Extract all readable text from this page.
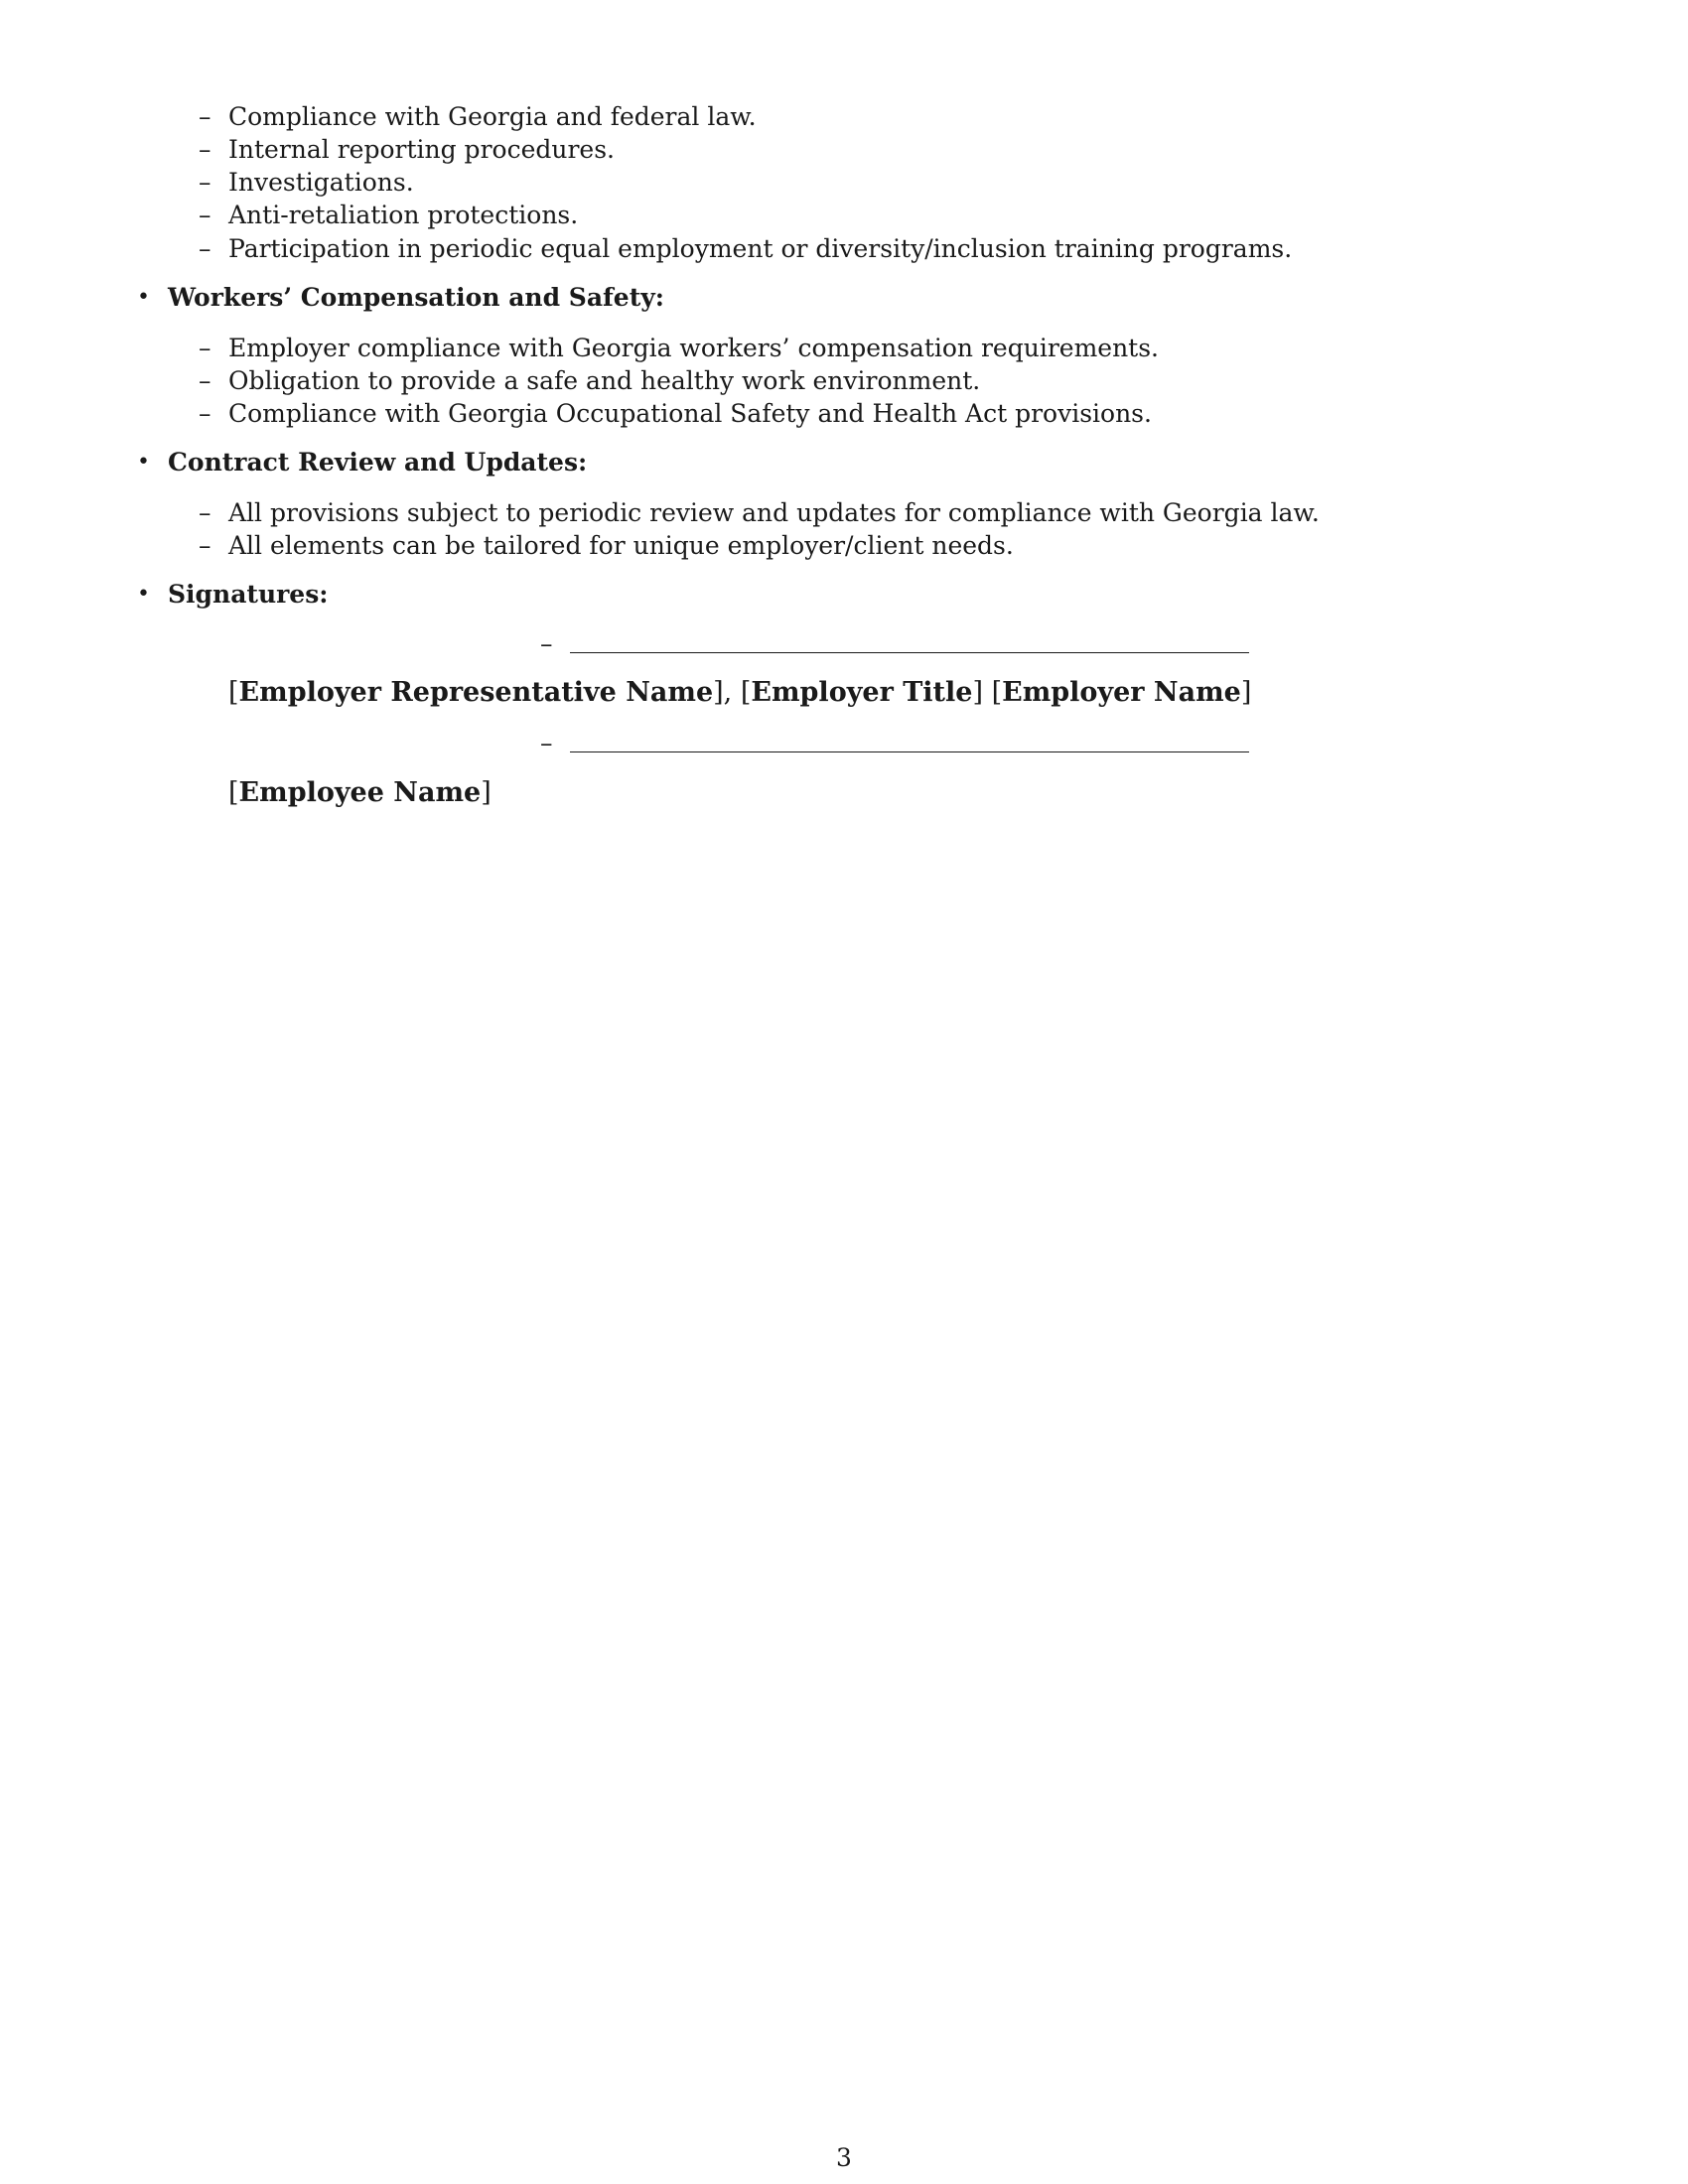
– Compliance with Georgia and federal law.
– Internal reporting procedures.
– Investigations.
– Anti-retaliation protections.
– Participation in periodic equal employment or diversity/inclusion training programs.
• Workers’ Compensation and Safety:
– Employer compliance with Georgia workers’ compensation requirements.
– Obligation to provide a safe and healthy work environment.
– Compliance with Georgia Occupational Safety and Health Act provisions.
• Contract Review and Updates:
– All provisions subject to periodic review and updates for compliance with Georgia law.
– All elements can be tailored for unique employer/client needs.
• Signatures:
–
[Employer Representative Name], [Employer Title] [Employer Name]
–
[Employee Name]
3
